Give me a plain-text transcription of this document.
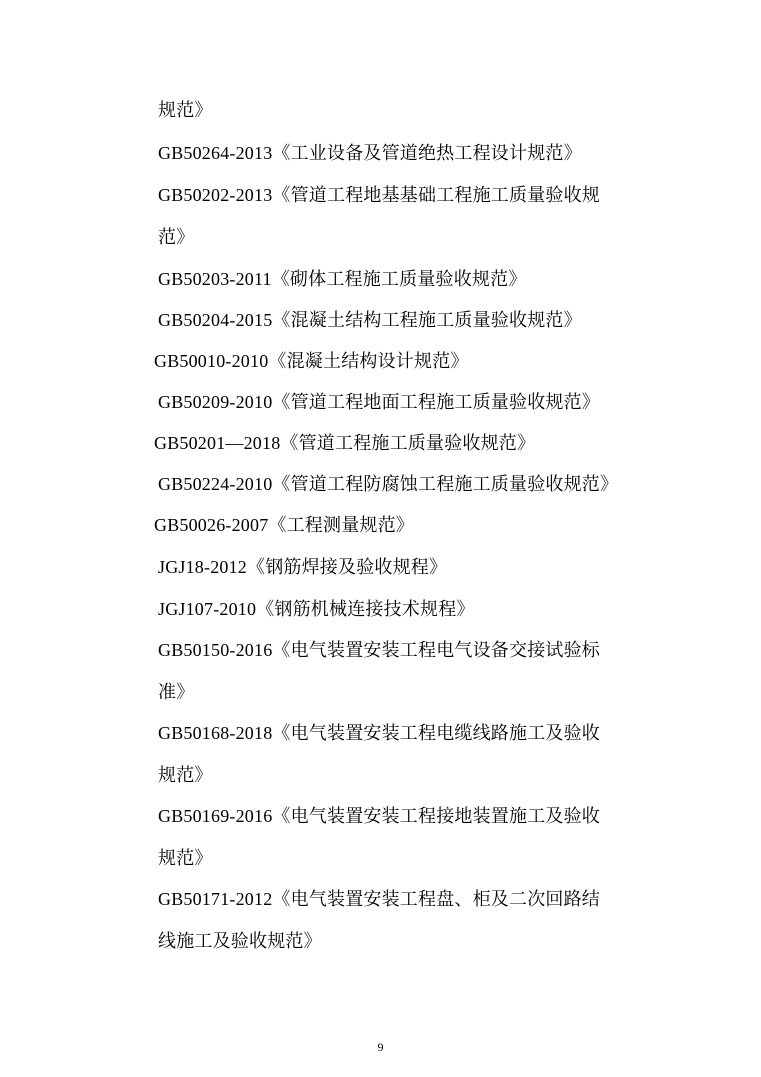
规范》
GB50264-2013《工业设备及管道绝热工程设计规范》
GB50202-2013《管道工程地基基础工程施工质量验收规
范》
GB50203-2011《砌体工程施工质量验收规范》
GB50204-2015《混凝土结构工程施工质量验收规范》
GB50010-2010《混凝土结构设计规范》
GB50209-2010《管道工程地面工程施工质量验收规范》
GB50201—2018《管道工程施工质量验收规范》
GB50224-2010《管道工程防腐蚀工程施工质量验收规范》
GB50026-2007《工程测量规范》
JGJ18-2012《钢筋焊接及验收规程》
JGJ107-2010《钢筋机械连接技术规程》
GB50150-2016《电气装置安装工程电气设备交接试验标
准》
GB50168-2018《电气装置安装工程电缆线路施工及验收
规范》
GB50169-2016《电气装置安装工程接地装置施工及验收
规范》
GB50171-2012《电气装置安装工程盘、柜及二次回路结
线施工及验收规范》
9
